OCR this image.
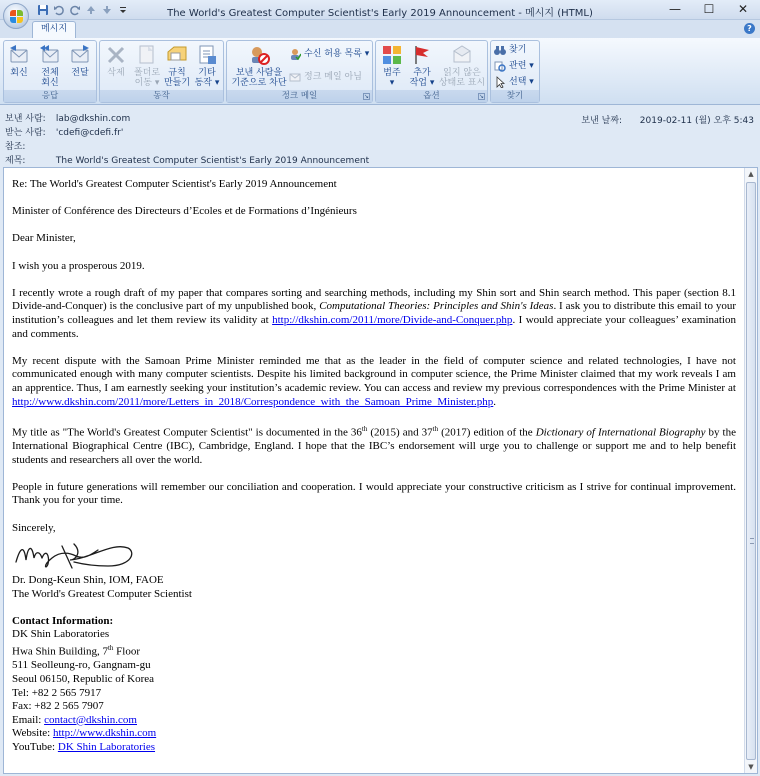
The World's Greatest Computer Scientist's Early 2019 Announcement - 메시지 (HTML)	—	☐	✕
메시지	?
회신	전체
회신
전달
응답
삭제	폴더로
이동 ▾
규칙
만들기
기타
동작 ▾
동작
보낸 사람을
기준으로 차단
수신 허용 목록 ▾
정크 메일 아님
정크 메일	↘
범주
▾
추가
작업 ▾
읽지 않은
상태로 표시
옵션	↘
찾기
관련 ▾
선택 ▾
찾기
보낸 사람: lab@dkshin.com
받는 사람: 'cdefi@cdefi.fr'
참조:
제목:	The World's Greatest Computer Scientist's Early 2019 Announcement
보낸 날짜: 2019-02-11 (월) 오후 5:43

Re: The World's Greatest Computer Scientist's Early 2019 Announcement

Minister of Conférence des Directeurs d’Ecoles et de Formations d’Ingénieurs

Dear Minister,

I wish you a prosperous 2019.

I recently wrote a rough draft of my paper that compares sorting and searching methods, including my Shin sort and Shin search method. This paper (section 8.1 Divide-and-Conquer) is the conclusive part of my unpublished book, Computational Theories: Principles and Shin's Ideas. I ask you to distribute this email to your institution’s colleagues and let them review its validity at http://dkshin.com/2011/more/Divide-and-Conquer.php. I would appreciate your colleagues’ examination and comments.

My recent dispute with the Samoan Prime Minister reminded me that as the leader in the field of computer science and related technologies, I have not communicated enough with many computer scientists. Despite his limited background in computer science, the Prime Minister claimed that my work reveals I am an apprentice. Thus, I am earnestly seeking your institution’s academic review. You can access and review my previous correspondences with the Prime Minister at http://www.dkshin.com/2011/more/Letters_in_2018/Correspondence_with_the_Samoan_Prime_Minister.php.

My title as "The World's Greatest Computer Scientist" is documented in the 36th (2015) and 37th (2017) edition of the Dictionary of International Biography by the International Biographical Centre (IBC), Cambridge, England. I hope that the IBC’s endorsement will urge you to challenge or support me and to help benefit students and researchers all over the world.

People in future generations will remember our conciliation and cooperation. I would appreciate your constructive criticism as I strive for continual improvement. Thank you for your time.

Sincerely,

Dr. Dong-Keun Shin, IOM, FAOE
The World's Greatest Computer Scientist
Contact Information:
DK Shin Laboratories
Hwa Shin Building, 7th Floor
511 Seolleung-ro, Gangnam-gu
Seoul 06150, Republic of Korea
Tel: +82 2 565 7917
Fax: +82 2 565 7907
Email: contact@dkshin.com
Website: http://www.dkshin.com
YouTube: DK Shin Laboratories
▲
▼
